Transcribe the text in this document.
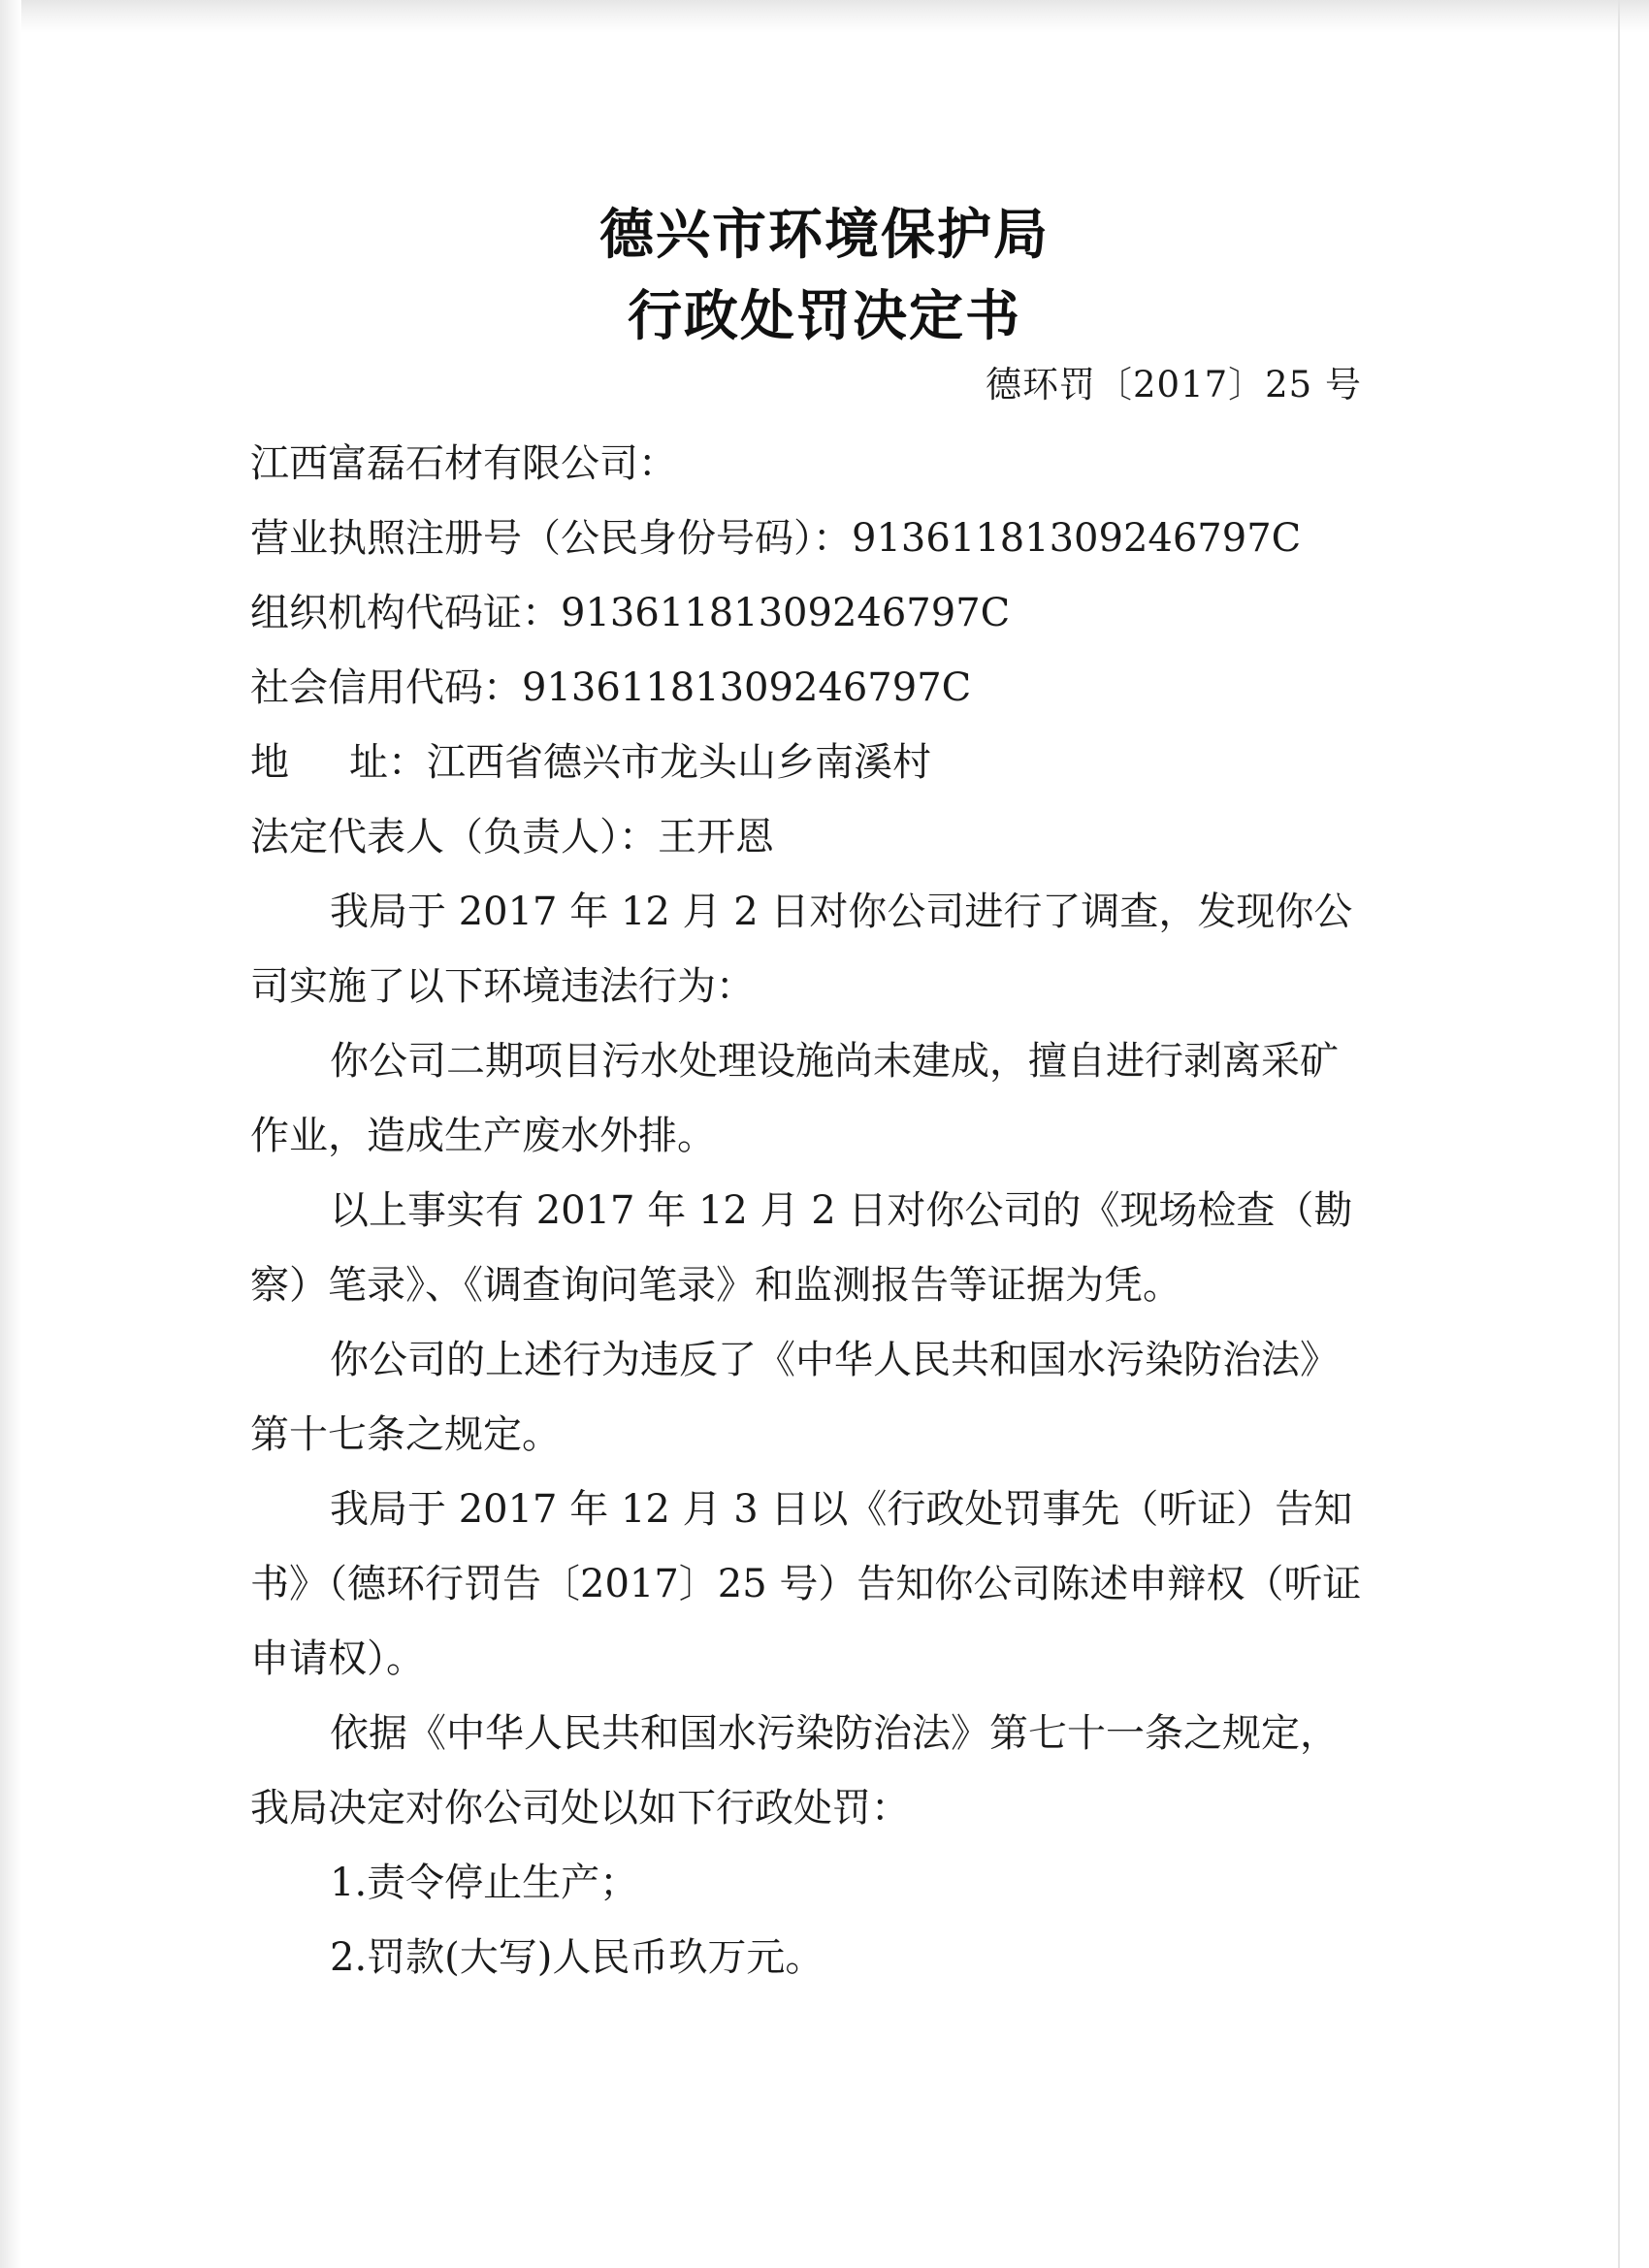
德兴市环境保护局
行政处罚决定书
德环罚〔2017〕25 号

江西富磊石材有限公司：

营业执照注册号（公民身份号码）：91361181309246797C

组织机构代码证：91361181309246797C

社会信用代码：91361181309246797C

地 址：江西省德兴市龙头山乡南溪村

法定代表人（负责人）：王开恩

我局于 2017 年 12 月 2 日对你公司进行了调查，发现你公司实施了以下环境违法行为：

你公司二期项目污水处理设施尚未建成，擅自进行剥离采矿作业，造成生产废水外排。

以上事实有 2017 年 12 月 2 日对你公司的《现场检查（勘察）笔录》、《调查询问笔录》和监测报告等证据为凭。

你公司的上述行为违反了《中华人民共和国水污染防治法》第十七条之规定。

我局于 2017 年 12 月 3 日以《行政处罚事先（听证）告知书》（德环行罚告〔2017〕25 号）告知你公司陈述申辩权（听证申请权）。

依据《中华人民共和国水污染防治法》第七十一条之规定，我局决定对你公司处以如下行政处罚：

1.责令停止生产；

2.罚款(大写)人民币玖万元。
